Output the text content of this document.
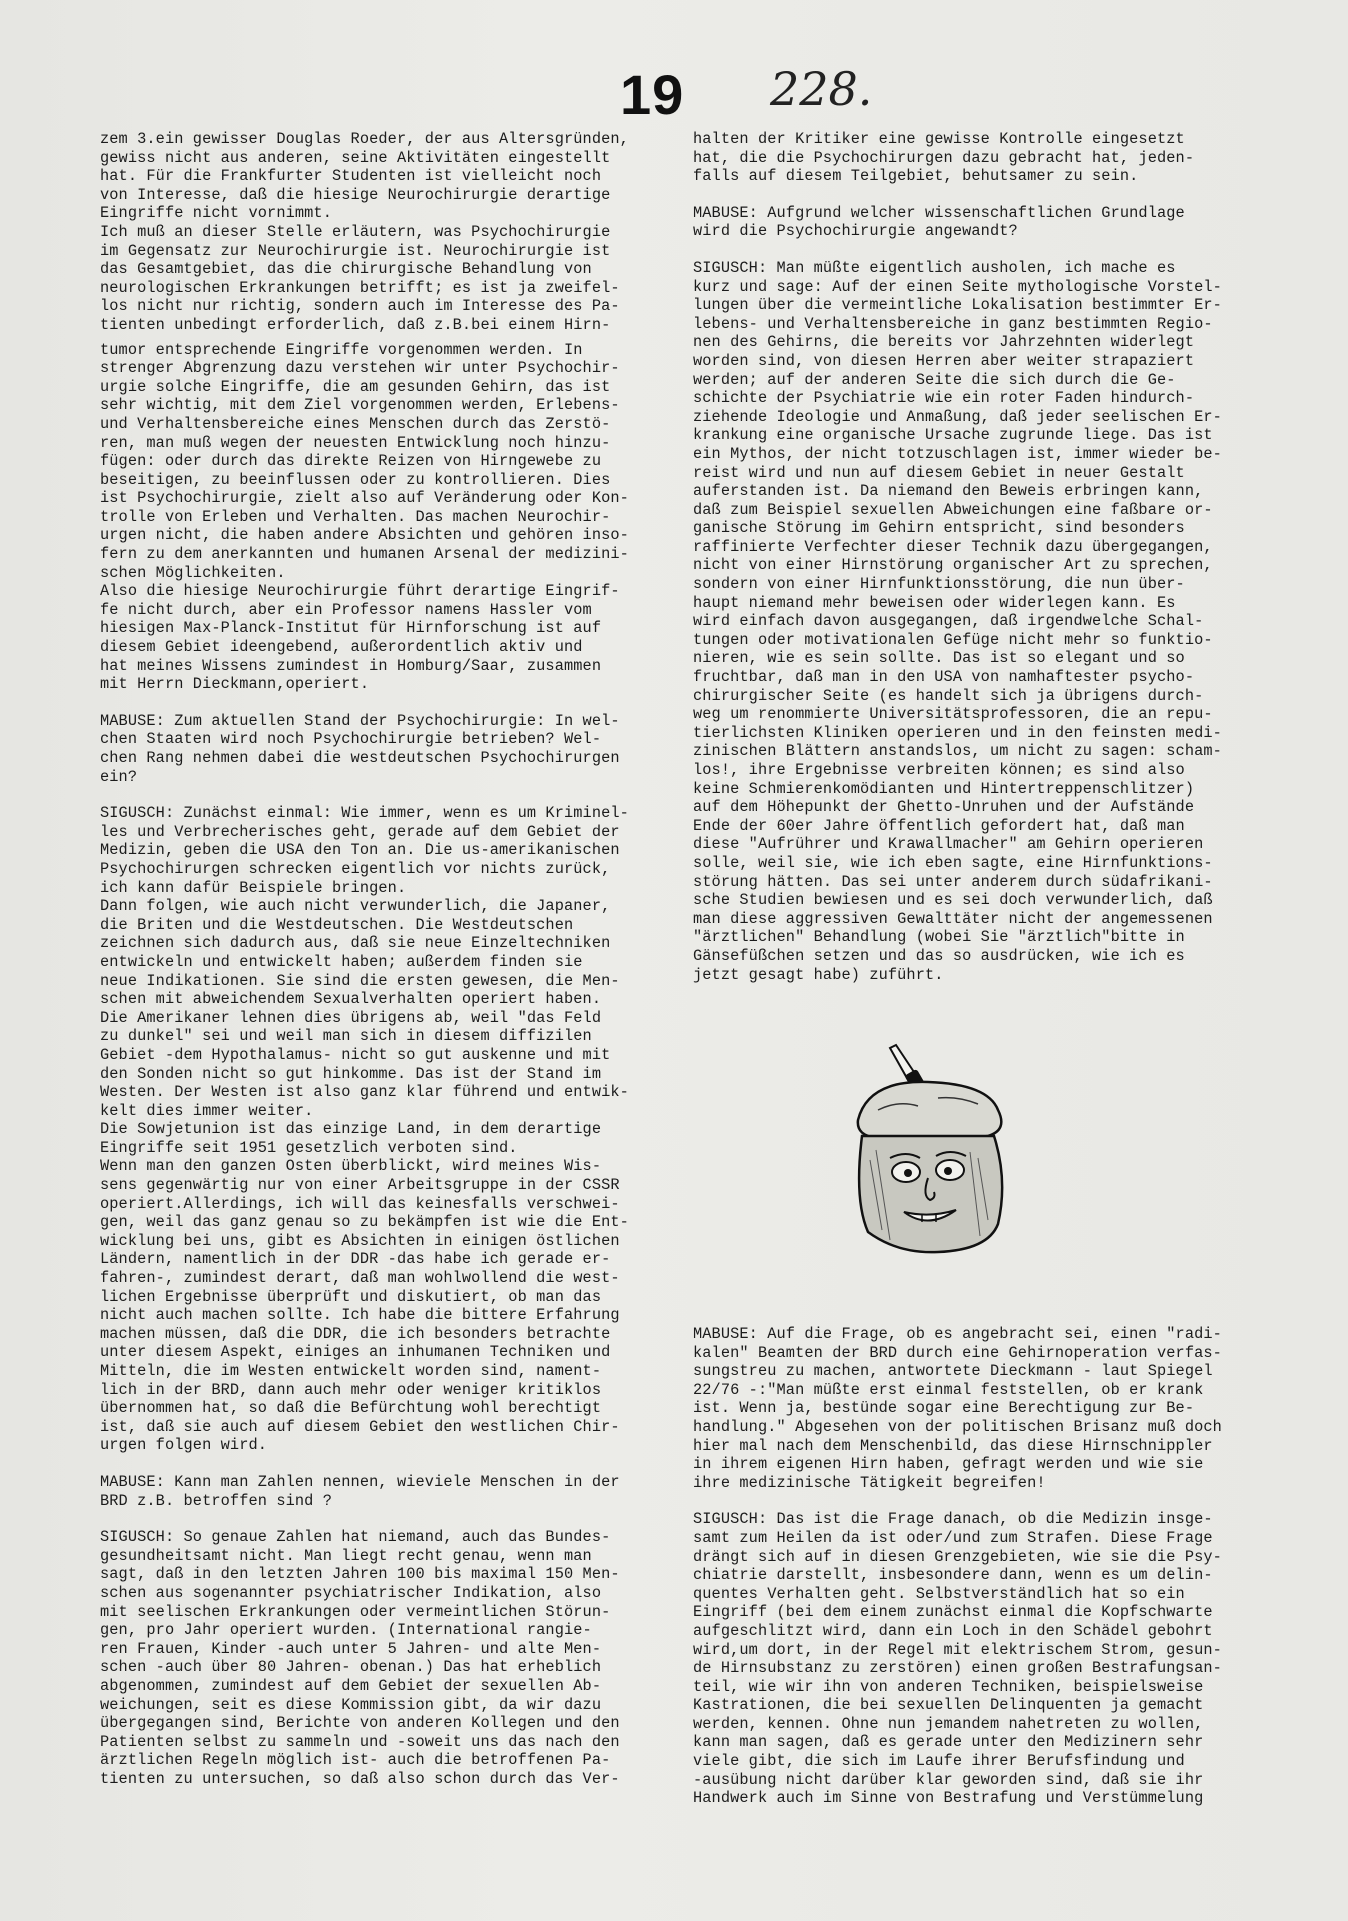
19 228.

zem 3.ein gewisser Douglas Roeder, der aus Altersgründen,
gewiss nicht aus anderen, seine Aktivitäten eingestellt
hat. Für die Frankfurter Studenten ist vielleicht noch
von Interesse, daß die hiesige Neurochirurgie derartige
Eingriffe nicht vornimmt.
Ich muß an dieser Stelle erläutern, was Psychochirurgie
im Gegensatz zur Neurochirurgie ist. Neurochirurgie ist
das Gesamtgebiet, das die chirurgische Behandlung von
neurologischen Erkrankungen betrifft; es ist ja zweifel-
los nicht nur richtig, sondern auch im Interesse des Pa-
tienten unbedingt erforderlich, daß z.B.bei einem Hirn-

tumor entsprechende Eingriffe vorgenommen werden. In
strenger Abgrenzung dazu verstehen wir unter Psychochir-
urgie solche Eingriffe, die am gesunden Gehirn, das ist
sehr wichtig, mit dem Ziel vorgenommen werden, Erlebens-
und Verhaltensbereiche eines Menschen durch das Zerstö-
ren, man muß wegen der neuesten Entwicklung noch hinzu-
fügen: oder durch das direkte Reizen von Hirngewebe zu
beseitigen, zu beeinflussen oder zu kontrollieren. Dies
ist Psychochirurgie, zielt also auf Veränderung oder Kon-
trolle von Erleben und Verhalten. Das machen Neurochir-
urgen nicht, die haben andere Absichten und gehören inso-
fern zu dem anerkannten und humanen Arsenal der medizini-
schen Möglichkeiten.
Also die hiesige Neurochirurgie führt derartige Eingrif-
fe nicht durch, aber ein Professor namens Hassler vom
hiesigen Max-Planck-Institut für Hirnforschung ist auf
diesem Gebiet ideengebend, außerordentlich aktiv und
hat meines Wissens zumindest in Homburg/Saar, zusammen
mit Herrn Dieckmann,operiert.

MABUSE: Zum aktuellen Stand der Psychochirurgie: In wel-
chen Staaten wird noch Psychochirurgie betrieben? Wel-
chen Rang nehmen dabei die westdeutschen Psychochirurgen
ein?

SIGUSCH: Zunächst einmal: Wie immer, wenn es um Kriminel-
les und Verbrecherisches geht, gerade auf dem Gebiet der
Medizin, geben die USA den Ton an. Die us-amerikanischen
Psychochirurgen schrecken eigentlich vor nichts zurück,
ich kann dafür Beispiele bringen.
Dann folgen, wie auch nicht verwunderlich, die Japaner,
die Briten und die Westdeutschen. Die Westdeutschen
zeichnen sich dadurch aus, daß sie neue Einzeltechniken
entwickeln und entwickelt haben; außerdem finden sie
neue Indikationen. Sie sind die ersten gewesen, die Men-
schen mit abweichendem Sexualverhalten operiert haben.
Die Amerikaner lehnen dies übrigens ab, weil "das Feld
zu dunkel" sei und weil man sich in diesem diffizilen
Gebiet -dem Hypothalamus- nicht so gut auskenne und mit
den Sonden nicht so gut hinkomme. Das ist der Stand im
Westen. Der Westen ist also ganz klar führend und entwik-
kelt dies immer weiter.
Die Sowjetunion ist das einzige Land, in dem derartige
Eingriffe seit 1951 gesetzlich verboten sind.
Wenn man den ganzen Osten überblickt, wird meines Wis-
sens gegenwärtig nur von einer Arbeitsgruppe in der CSSR
operiert.Allerdings, ich will das keinesfalls verschwei-
gen, weil das ganz genau so zu bekämpfen ist wie die Ent-
wicklung bei uns, gibt es Absichten in einigen östlichen
Ländern, namentlich in der DDR -das habe ich gerade er-
fahren-, zumindest derart, daß man wohlwollend die west-
lichen Ergebnisse überprüft und diskutiert, ob man das
nicht auch machen sollte. Ich habe die bittere Erfahrung
machen müssen, daß die DDR, die ich besonders betrachte
unter diesem Aspekt, einiges an inhumanen Techniken und
Mitteln, die im Westen entwickelt worden sind, nament-
lich in der BRD, dann auch mehr oder weniger kritiklos
übernommen hat, so daß die Befürchtung wohl berechtigt
ist, daß sie auch auf diesem Gebiet den westlichen Chir-
urgen folgen wird.

MABUSE: Kann man Zahlen nennen, wieviele Menschen in der
BRD z.B. betroffen sind ?

SIGUSCH: So genaue Zahlen hat niemand, auch das Bundes-
gesundheitsamt nicht. Man liegt recht genau, wenn man
sagt, daß in den letzten Jahren 100 bis maximal 150 Men-
schen aus sogenannter psychiatrischer Indikation, also
mit seelischen Erkrankungen oder vermeintlichen Störun-
gen, pro Jahr operiert wurden. (International rangie-
ren Frauen, Kinder -auch unter 5 Jahren- und alte Men-
schen -auch über 80 Jahren- obenan.) Das hat erheblich
abgenommen, zumindest auf dem Gebiet der sexuellen Ab-
weichungen, seit es diese Kommission gibt, da wir dazu
übergegangen sind, Berichte von anderen Kollegen und den
Patienten selbst zu sammeln und -soweit uns das nach den
ärztlichen Regeln möglich ist- auch die betroffenen Pa-
tienten zu untersuchen, so daß also schon durch das Ver-

halten der Kritiker eine gewisse Kontrolle eingesetzt
hat, die die Psychochirurgen dazu gebracht hat, jeden-
falls auf diesem Teilgebiet, behutsamer zu sein.

MABUSE: Aufgrund welcher wissenschaftlichen Grundlage
wird die Psychochirurgie angewandt?

SIGUSCH: Man müßte eigentlich ausholen, ich mache es
kurz und sage: Auf der einen Seite mythologische Vorstel-
lungen über die vermeintliche Lokalisation bestimmter Er-
lebens- und Verhaltensbereiche in ganz bestimmten Regio-
nen des Gehirns, die bereits vor Jahrzehnten widerlegt
worden sind, von diesen Herren aber weiter strapaziert
werden; auf der anderen Seite die sich durch die Ge-
schichte der Psychiatrie wie ein roter Faden hindurch-
ziehende Ideologie und Anmaßung, daß jeder seelischen Er-
krankung eine organische Ursache zugrunde liege. Das ist
ein Mythos, der nicht totzuschlagen ist, immer wieder be-
reist wird und nun auf diesem Gebiet in neuer Gestalt
auferstanden ist. Da niemand den Beweis erbringen kann,
daß zum Beispiel sexuellen Abweichungen eine faßbare or-
ganische Störung im Gehirn entspricht, sind besonders
raffinierte Verfechter dieser Technik dazu übergegangen,
nicht von einer Hirnstörung organischer Art zu sprechen,
sondern von einer Hirnfunktionsstörung, die nun über-
haupt niemand mehr beweisen oder widerlegen kann. Es
wird einfach davon ausgegangen, daß irgendwelche Schal-
tungen oder motivationalen Gefüge nicht mehr so funktio-
nieren, wie es sein sollte. Das ist so elegant und so
fruchtbar, daß man in den USA von namhaftester psycho-
chirurgischer Seite (es handelt sich ja übrigens durch-
weg um renommierte Universitätsprofessoren, die an repu-
tierlichsten Kliniken operieren und in den feinsten medi-
zinischen Blättern anstandslos, um nicht zu sagen: scham-
los!, ihre Ergebnisse verbreiten können; es sind also
keine Schmierenkomödianten und Hintertreppenschlitzer)
auf dem Höhepunkt der Ghetto-Unruhen und der Aufstände
Ende der 60er Jahre öffentlich gefordert hat, daß man
diese "Aufrührer und Krawallmacher" am Gehirn operieren
solle, weil sie, wie ich eben sagte, eine Hirnfunktions-
störung hätten. Das sei unter anderem durch südafrikani-
sche Studien bewiesen und es sei doch verwunderlich, daß
man diese aggressiven Gewalttäter nicht der angemessenen
"ärztlichen" Behandlung (wobei Sie "ärztlich"bitte in
Gänsefüßchen setzen und das so ausdrücken, wie ich es
jetzt gesagt habe) zuführt.

MABUSE: Auf die Frage, ob es angebracht sei, einen "radi-
kalen" Beamten der BRD durch eine Gehirnoperation verfas-
sungstreu zu machen, antwortete Dieckmann - laut Spiegel
22/76 -:"Man müßte erst einmal feststellen, ob er krank
ist. Wenn ja, bestünde sogar eine Berechtigung zur Be-
handlung." Abgesehen von der politischen Brisanz muß doch
hier mal nach dem Menschenbild, das diese Hirnschnippler
in ihrem eigenen Hirn haben, gefragt werden und wie sie
ihre medizinische Tätigkeit begreifen!

SIGUSCH: Das ist die Frage danach, ob die Medizin insge-
samt zum Heilen da ist oder/und zum Strafen. Diese Frage
drängt sich auf in diesen Grenzgebieten, wie sie die Psy-
chiatrie darstellt, insbesondere dann, wenn es um delin-
quentes Verhalten geht. Selbstverständlich hat so ein
Eingriff (bei dem einem zunächst einmal die Kopfschwarte
aufgeschlitzt wird, dann ein Loch in den Schädel gebohrt
wird,um dort, in der Regel mit elektrischem Strom, gesun-
de Hirnsubstanz zu zerstören) einen großen Bestrafungsan-
teil, wie wir ihn von anderen Techniken, beispielsweise
Kastrationen, die bei sexuellen Delinquenten ja gemacht
werden, kennen. Ohne nun jemandem nahetreten zu wollen,
kann man sagen, daß es gerade unter den Medizinern sehr
viele gibt, die sich im Laufe ihrer Berufsfindung und
-ausübung nicht darüber klar geworden sind, daß sie ihr
Handwerk auch im Sinne von Bestrafung und Verstümmelung
